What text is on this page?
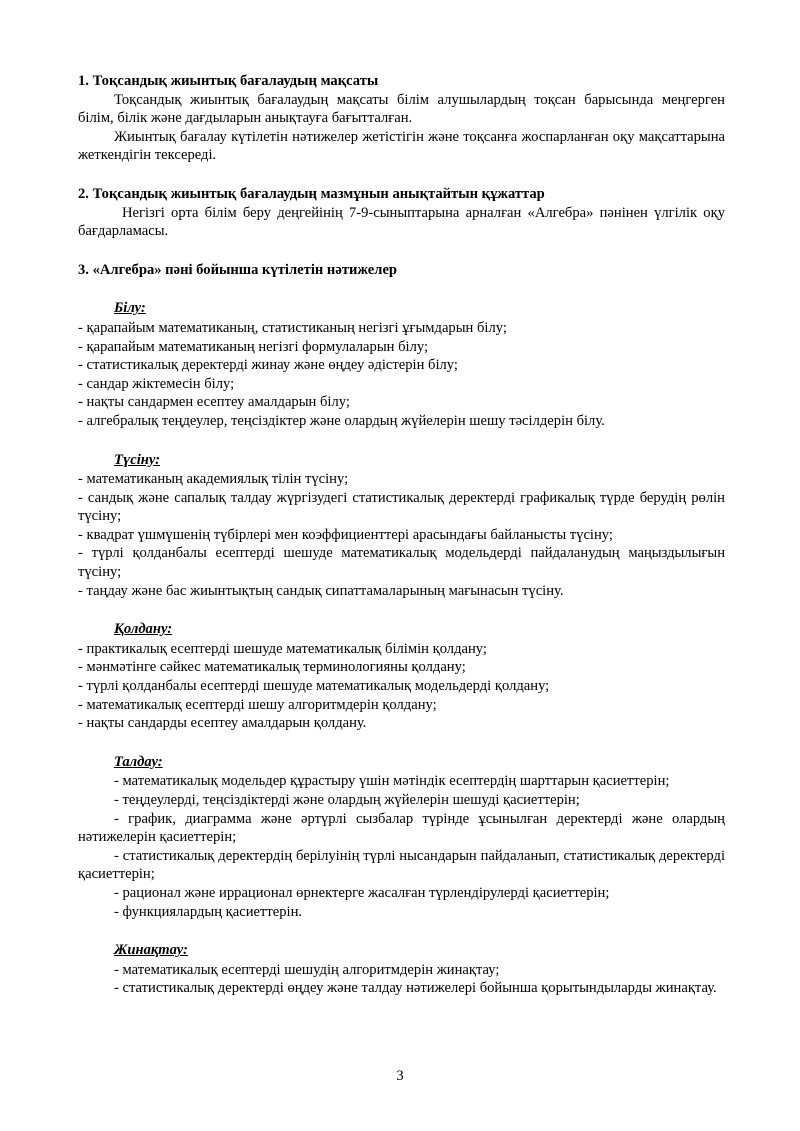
1. Тоқсандық жиынтық бағалаудың мақсаты

Тоқсандық жиынтық бағалаудың мақсаты білім алушылардың тоқсан барысында меңгерген білім, білік және дағдыларын анықтауға бағытталған.

Жиынтық бағалау күтілетін нәтижелер жетістігін және тоқсанға жоспарланған оқу мақсаттарына жеткендігін тексереді.

2. Тоқсандық жиынтық бағалаудың мазмұнын анықтайтын құжаттар

Негізгі орта білім беру деңгейінің 7-9-сыныптарына арналған «Алгебра» пәнінен үлгілік оқу бағдарламасы.

3. «Алгебра» пәні бойынша күтілетін нәтижелер
Білу:

- қарапайым математиканың, статистиканың негізгі ұғымдарын білу;

- қарапайым математиканың негізгі формулаларын білу;

- статистикалық деректерді жинау және өңдеу әдістерін білу;

- сандар жіктемесін білу;

- нақты сандармен есептеу амалдарын білу;

- алгебралық теңдеулер, теңсіздіктер және олардың жүйелерін шешу тәсілдерін білу.

Түсіну:

- математиканың академиялық тілін түсіну;

- сандық және сапалық талдау жүргізудегі статистикалық деректерді графикалық түрде берудің рөлін түсіну;

- квадрат үшмүшенің түбірлері мен коэффициенттері арасындағы байланысты түсіну;

- түрлі қолданбалы есептерді шешуде математикалық модельдерді пайдаланудың маңыздылығын түсіну;

- таңдау және бас жиынтықтың сандық сипаттамаларының мағынасын түсіну.

Қолдану:

- практикалық есептерді шешуде математикалық білімін қолдану;

- мәнмәтінге сәйкес математикалық терминологияны қолдану;

- түрлі қолданбалы есептерді шешуде математикалық модельдерді қолдану;

- математикалық есептерді шешу алгоритмдерін қолдану;

- нақты сандарды есептеу амалдарын қолдану.

Талдау:

- математикалық модельдер құрастыру үшін мәтіндік есептердің шарттарын қасиеттерін;

- теңдеулерді, теңсіздіктерді және олардың жүйелерін шешуді қасиеттерін;

- график, диаграмма және әртүрлі сызбалар түрінде ұсынылған деректерді және олардың нәтижелерін қасиеттерін;

- статистикалық деректердің берілуінің түрлі нысандарын пайдаланып, статистикалық деректерді қасиеттерін;

- рационал және иррационал өрнектерге жасалған түрлендірулерді қасиеттерін;

- функциялардың қасиеттерін.

Жинақтау:

- математикалық есептерді шешудің алгоритмдерін жинақтау;

- статистикалық деректерді өңдеу және талдау нәтижелері бойынша қорытындыларды жинақтау.

3
